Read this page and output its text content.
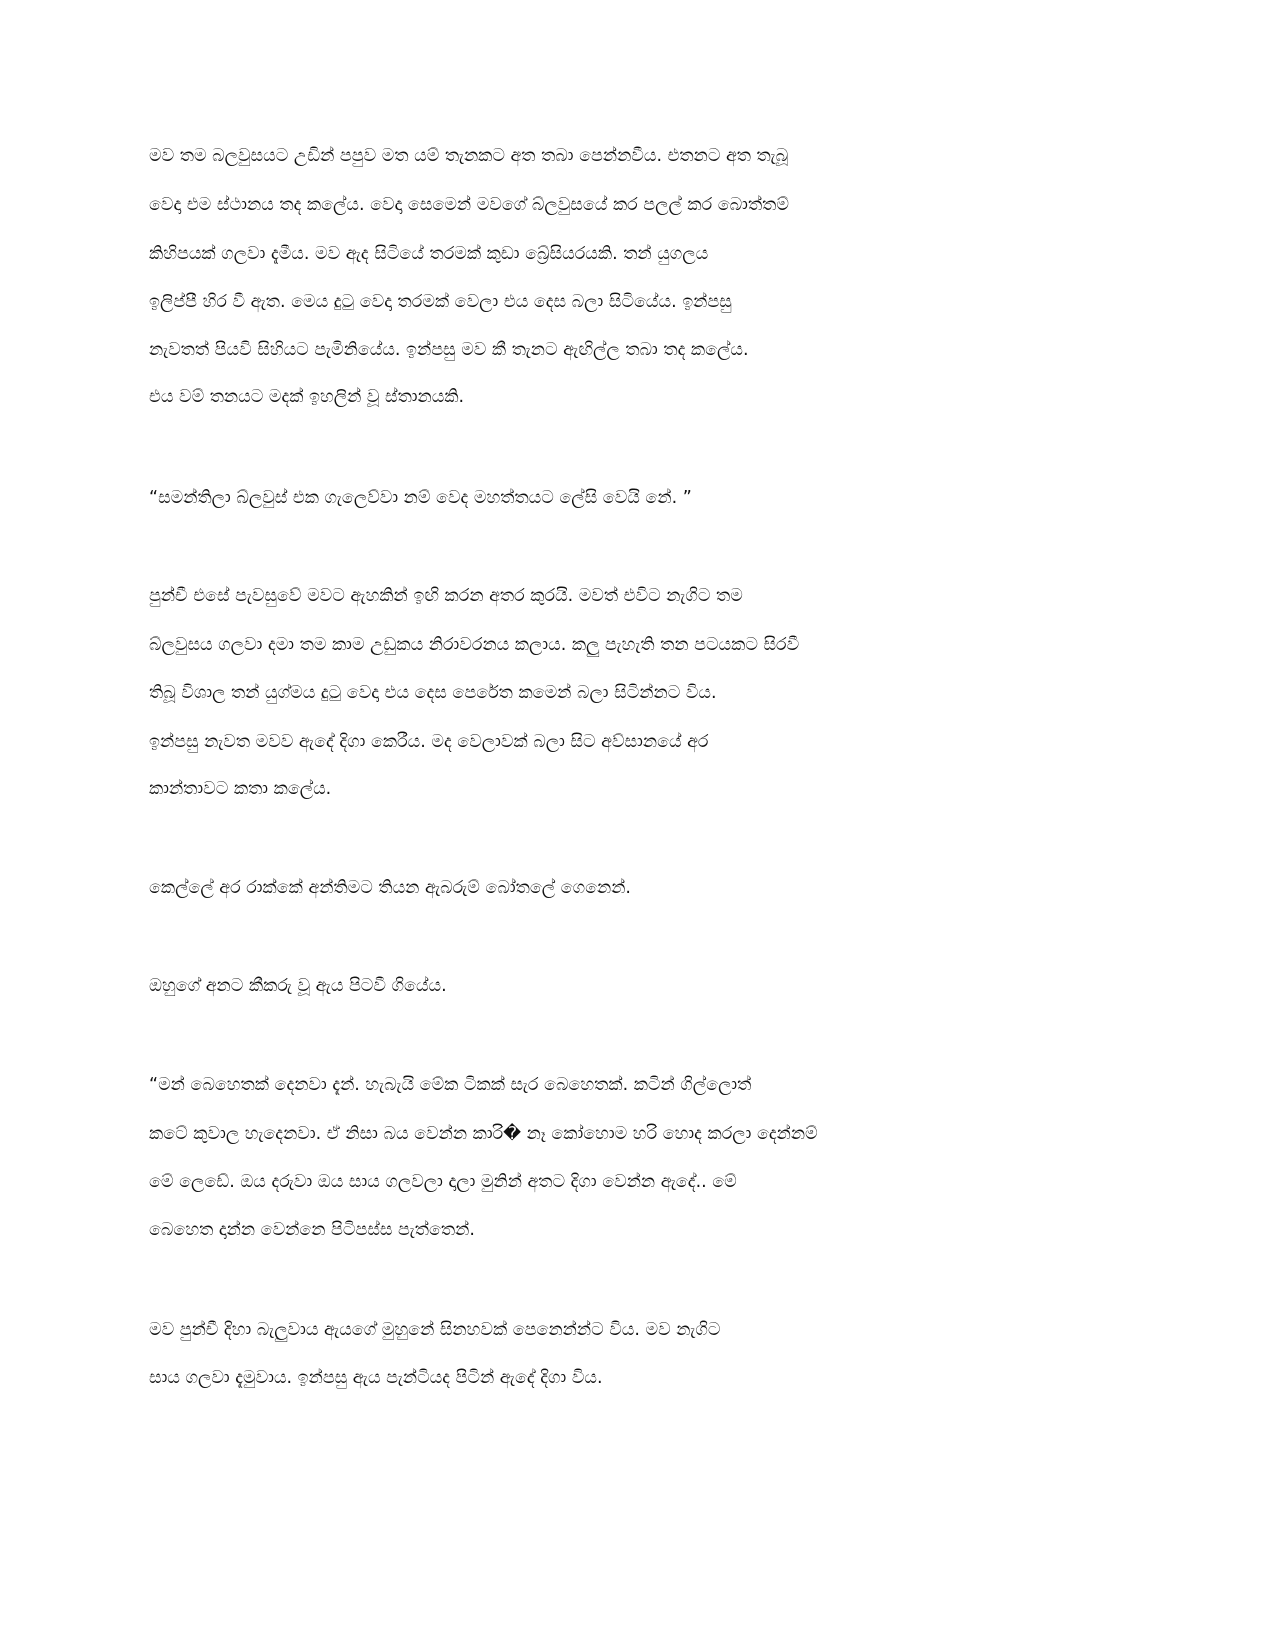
මව තම බලවුසයට උඩින් පපුව මත යම් තැනකට අත තබා පෙන්නවීය. එතනට අත තැබූ

වෙදා එම ස්ථානය තද කලේය. වෙදා සෙමෙන් මවගේ බ්ලවුසයේ කර පලල් කර බොත්තම්

කිහිපයක් ගලවා දැමීය. මව ඇද සිටියේ තරමක් කුඩා බ්‍රේසියරයකි. තන් යුගලය

ඉලිප්පී හිර වී ඇත. මෙය දුටු වෙදා තරමක් වෙලා එය දෙස බලා සිටියේය. ඉන්පසු

නැවතත් පියවි සිහියට පැමිනියේය. ඉන්පසු මව කී තැනට ඇඟිල්ල තබා තද කලේය.

එය වම් තනයට මදක් ඉහලින් වූ ස්තානයකි.

“සමන්තිලා බ්ලවුස් එක ගැලෙව්වා නම් වෙද මහත්තයට ලේසි වෙයි නේ. ”

පුන්චී එසේ පැවසුවේ මවට ඇහකින් ඉඟි කරන අතර කුරයි. මවත් එවිට නැගිට තම

බ්ලවුසය ගලවා දමා තම කාම උඩුකය නිරාවරනය කලාය. කලු පැහැති තන පටයකට සිරවී

තිබූ විශාල තන් යුග්මය දුටු වෙදා එය දෙස පෙරේත කමෙන් බලා සිටින්නට විය.

ඉන්පසු නැවත මවව ඇදේ දිගා කෙරීය. මද වෙලාවක් බලා සිට අව්සානයේ අර

කාන්තාවට කතා කලේය.

කෙල්ලේ අර රාක්කේ අන්තිමට තියන ඇබරුම් බෝතලේ ගෙනෙන්.

ඔහුගේ අනට කීකරු වූ ඇය පිටවී ගියේය.

“මන් බෙහෙතක් දෙනවා දැන්. හැබැයි මේක ටිකක් සැර බෙහෙතක්. කටින් ගිල්ලොත්

කටේ කුවාල හැදෙනවා. ඒ නිසා බය වෙන්න කාරි� නෑ කෝහොම හරි හොද කරලා දෙන්නම්

මේ ලෙඩේ. ඔය දරුවා ඔය සාය ගලවලා දාලා මුනින් අතට දිගා වෙන්න ඇදේ.. මේ

බෙහෙත දාන්න වෙන්නෙ පිටිපස්ස පැත්තෙන්.

මව පුන්චී දිහා බැලුවාය ඇයගේ මුහුනේ සිනහවක් පෙනෙන්න්ට විය. මව නැගිට

සාය ගලවා දැමුවාය. ඉන්පසු ඇය පැන්ටියද පිටින් ඇදේ දිගා විය.
